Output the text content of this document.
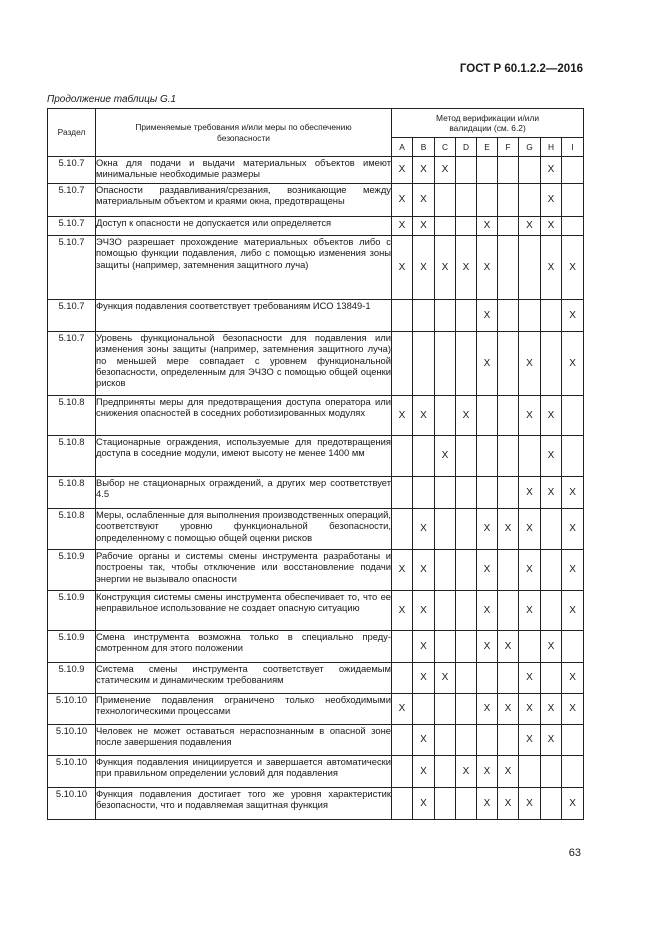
ГОСТ Р 60.1.2.2—2016
Продолжение таблицы G.1
Раздел	Применяемые требования и/или меры по обеспечению безопасности	Метод верификации и/или валидации (см. 6.2)								
		A	B	C	D	E	F	G	H	I
5.10.7	Окна для подачи и выдачи материальных объектов имеют минимальные необходимые размеры	X	X	X					X	
5.10.7	Опасности раздавливания/срезания, возникающие между материальным объектом и краями окна, предотвращены	X	X						X	
5.10.7	Доступ к опасности не допускается или определяется	X	X			X		X	X	
5.10.7	ЭЧЗО разрешает прохождение материальных объектов либо с помощью функции подавления, либо с помощью изменения зоны защиты (например, затемнения защитного луча)	X	X	X	X	X			X	X
5.10.7	Функция подавления соответствует требованиям ИСО 13849-1					X				X
5.10.7	Уровень функциональной безопасности для подавления или изменения зоны защиты (например, затемнения защитного луча) по меньшей мере совпадает с уровнем функциональной безопасности, определенным для ЭЧЗО с помощью общей оценки рисков					X		X		X
5.10.8	Предприняты меры для предотвращения доступа оператора или снижения опасностей в соседних роботизированных модулях	X	X		X			X	X	
5.10.8	Стационарные ограждения, используемые для предотвращения доступа в соседние модули, имеют высоту не менее 1400 мм			X					X	
5.10.8	Выбор не стационарных ограждений, а других мер соответствует 4.5							X	X	X
5.10.8	Меры, ослабленные для выполнения производственных операций, соответствуют уровню функциональной безопасности, определенному с помощью общей оценки рисков		X			X	X	X		X
5.10.9	Рабочие органы и системы смены инструмента разработаны и построены так, чтобы отключение или восстановление подачи энергии не вызывало опасности	X	X			X		X		X
5.10.9	Конструкция системы смены инструмента обеспечивает то, что ее неправильное использование не создает опасную ситуацию	X	X			X		X		X
5.10.9	Смена инструмента возможна только в специально предусмотренном для этого положении		X			X	X		X	
5.10.9	Система смены инструмента соответствует ожидаемым статическим и динамическим требованиям		X	X				X		X
5.10.10	Применение подавления ограничено только необходимыми технологическими процессами	X				X	X	X	X	X
5.10.10	Человек не может оставаться нераспознанным в опасной зоне после завершения подавления		X					X	X	
5.10.10	Функция подавления инициируется и завершается автоматически при правильном определении условий для подавления		X		X	X	X			
5.10.10	Функция подавления достигает того же уровня характеристик безопасности, что и подавляемая защитная функция		X			X	X	X		X
63
